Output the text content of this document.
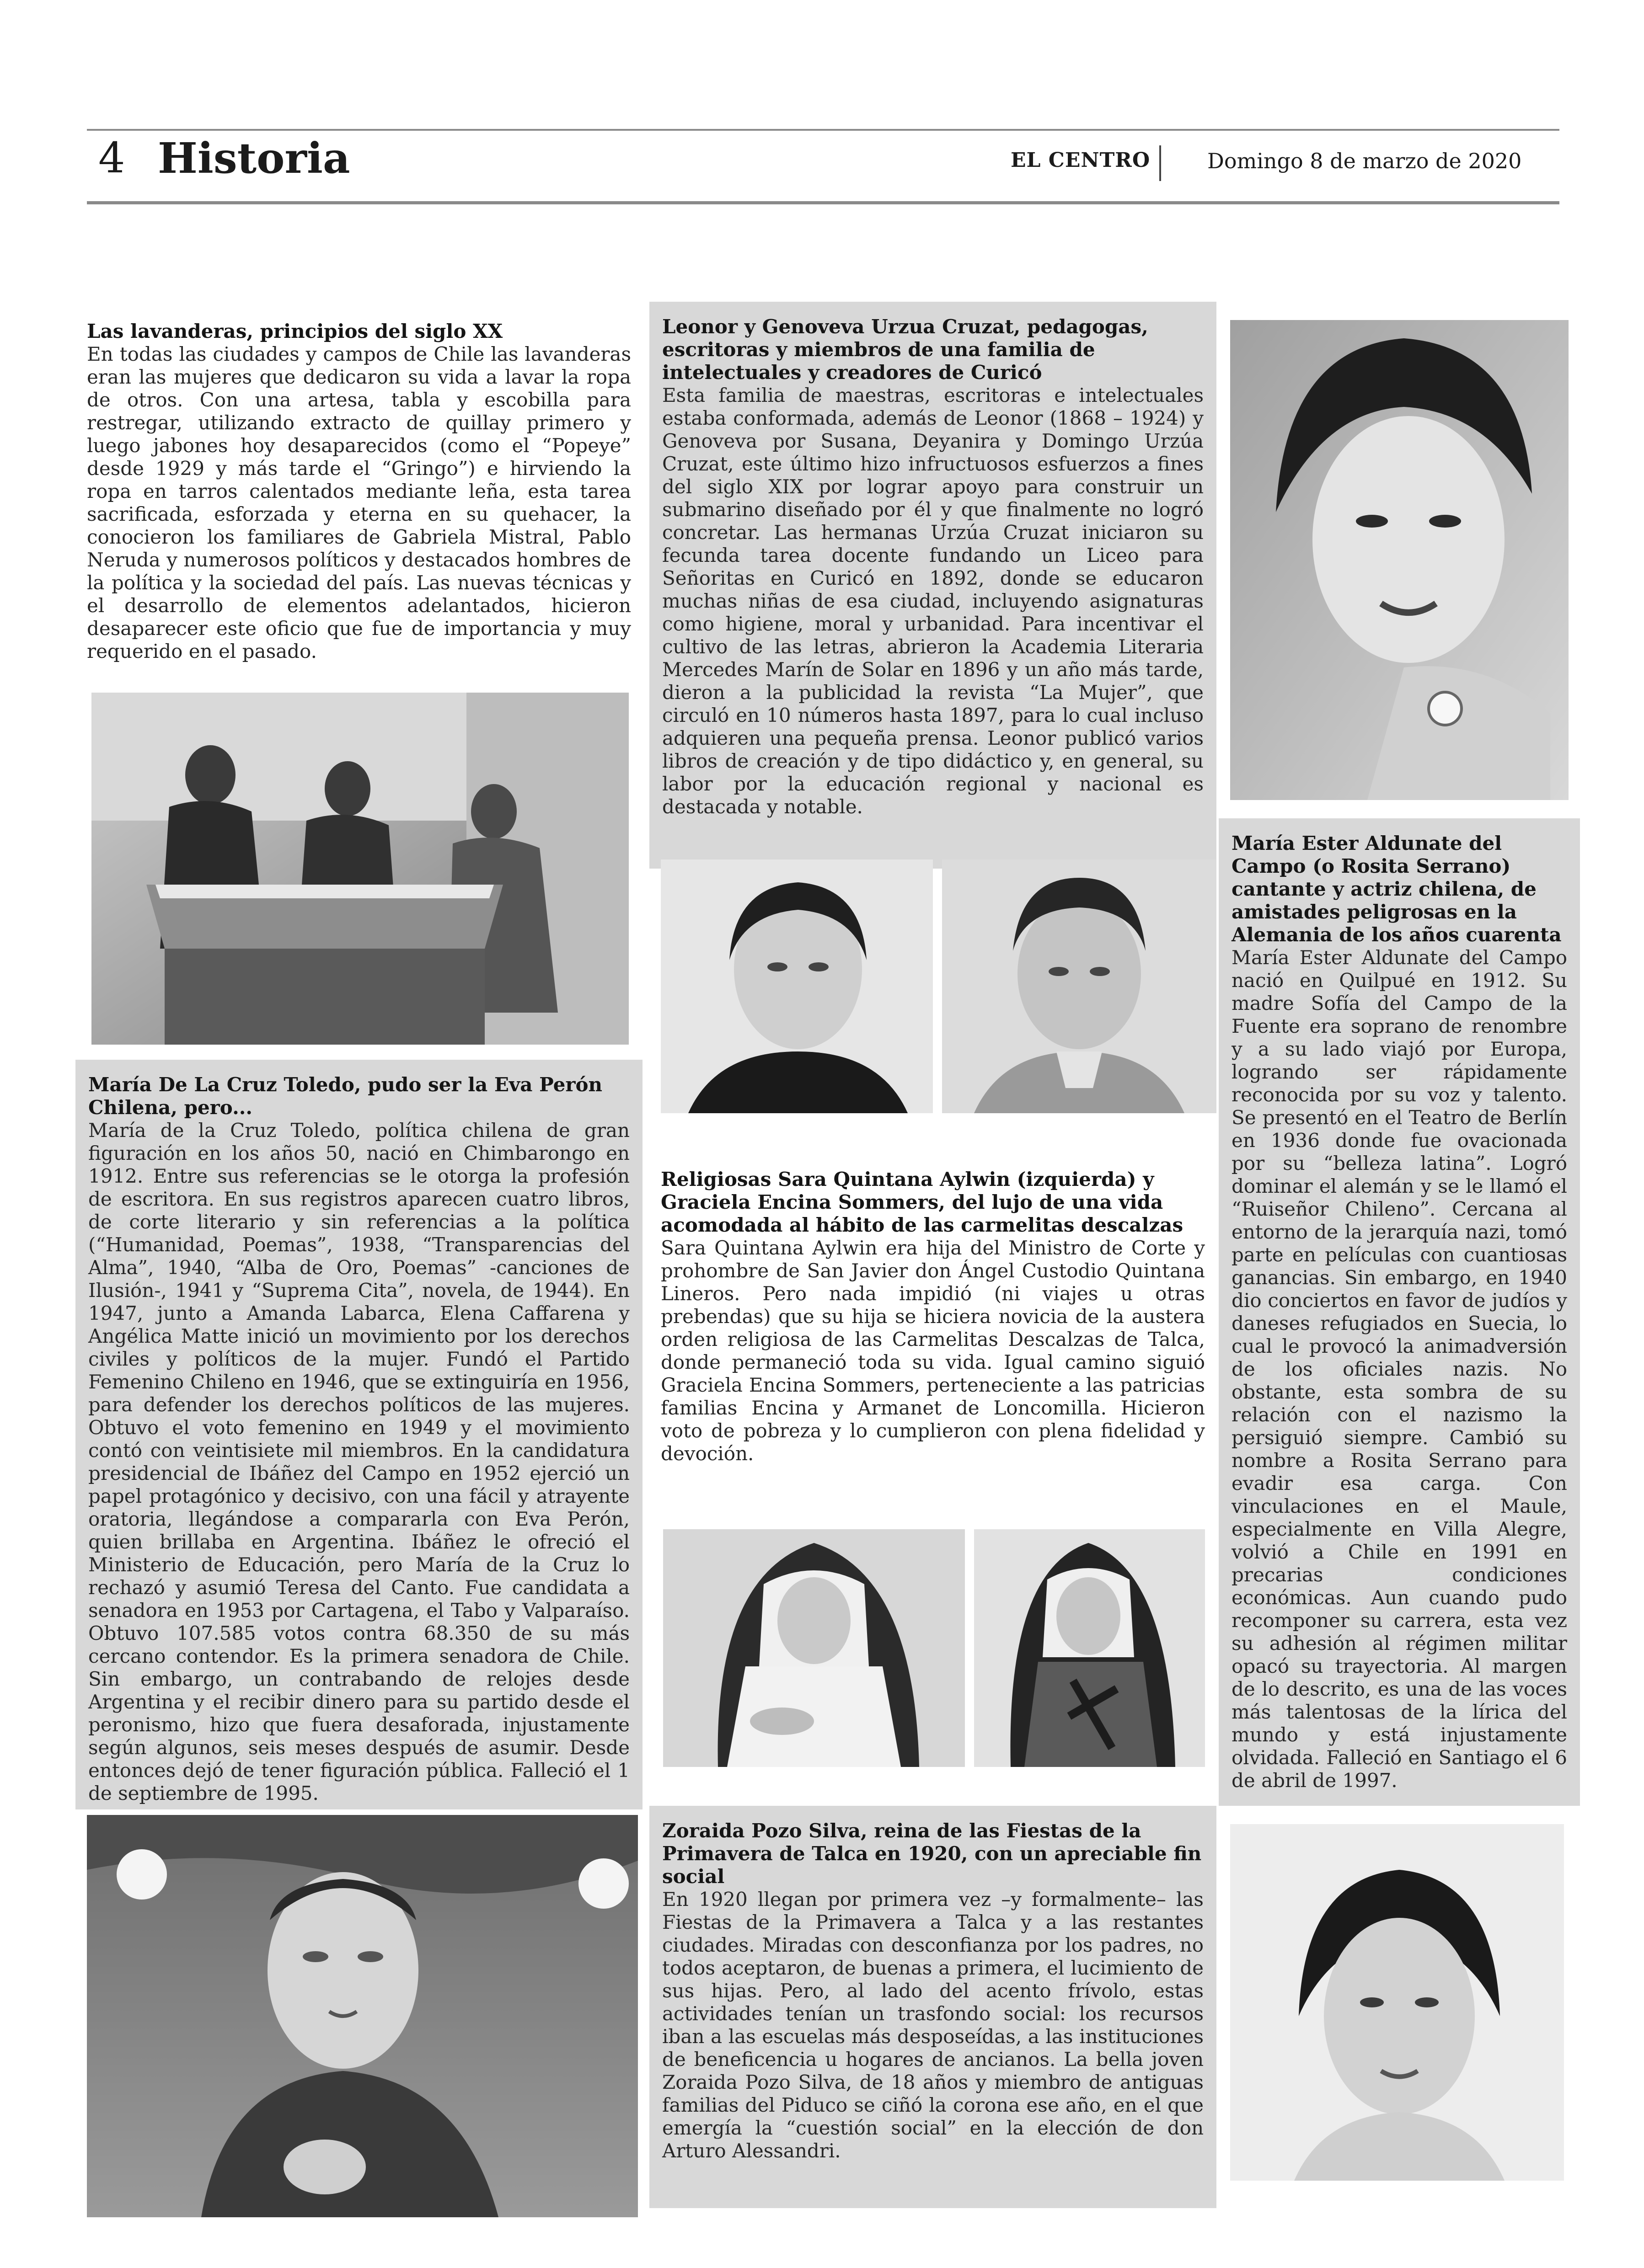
4 Historia	EL CENTRO	Domingo 8 de marzo de 2020
Las lavanderas, principios del siglo XX

En todas las ciudades y campos de Chile las lavanderas eran las mujeres que dedicaron su vida a lavar la ropa de otros. Con una artesa, tabla y escobilla para restregar, utilizando extracto de quillay primero y luego jabones hoy desaparecidos (como el “Popeye” desde 1929 y más tarde el “Gringo”) e hirviendo la ropa en tarros calentados mediante leña, esta tarea sacrificada, esforzada y eterna en su quehacer, la conocieron los familiares de Gabriela Mistral, Pablo Neruda y numerosos políticos y destacados hombres de la política y la sociedad del país. Las nuevas técnicas y el desarrollo de elementos adelantados, hicieron desaparecer este oficio que fue de importancia y muy requerido en el pasado.

María De La Cruz Toledo, pudo ser la Eva Perón Chilena, pero...

María de la Cruz Toledo, política chilena de gran figuración en los años 50, nació en Chimbarongo en 1912. Entre sus referencias se le otorga la profesión de escritora. En sus registros aparecen cuatro libros, de corte literario y sin referencias a la política (“Humanidad, Poemas”, 1938, “Transparencias del Alma”, 1940, “Alba de Oro, Poemas” -canciones de Ilusión-, 1941 y “Suprema Cita”, novela, de 1944). En 1947, junto a Amanda Labarca, Elena Caffarena y Angélica Matte inició un movimiento por los derechos civiles y políticos de la mujer. Fundó el Partido Femenino Chileno en 1946, que se extinguiría en 1956, para defender los derechos políticos de las mujeres. Obtuvo el voto femenino en 1949 y el movimiento contó con veintisiete mil miembros. En la candidatura presidencial de Ibáñez del Campo en 1952 ejerció un papel protagónico y decisivo, con una fácil y atrayente oratoria, llegándose a compararla con Eva Perón, quien brillaba en Argentina. Ibáñez le ofreció el Ministerio de Educación, pero María de la Cruz lo rechazó y asumió Teresa del Canto. Fue candidata a senadora en 1953 por Cartagena, el Tabo y Valparaíso. Obtuvo 107.585 votos contra 68.350 de su más cercano contendor. Es la primera senadora de Chile. Sin embargo, un contrabando de relojes desde Argentina y el recibir dinero para su partido desde el peronismo, hizo que fuera desaforada, injustamente según algunos, seis meses después de asumir. Desde entonces dejó de tener figuración pública. Falleció el 1 de septiembre de 1995.

Leonor y Genoveva Urzua Cruzat, pedagogas, escritoras y miembros de una familia de intelectuales y creadores de Curicó

Esta familia de maestras, escritoras e intelectuales estaba conformada, además de Leonor (1868 – 1924) y Genoveva por Susana, Deyanira y Domingo Urzúa Cruzat, este último hizo infructuosos esfuerzos a fines del siglo XIX por lograr apoyo para construir un submarino diseñado por él y que finalmente no logró concretar. Las hermanas Urzúa Cruzat iniciaron su fecunda tarea docente fundando un Liceo para Señoritas en Curicó en 1892, donde se educaron muchas niñas de esa ciudad, incluyendo asignaturas como higiene, moral y urbanidad. Para incentivar el cultivo de las letras, abrieron la Academia Literaria Mercedes Marín de Solar en 1896 y un año más tarde, dieron a la publicidad la revista “La Mujer”, que circuló en 10 números hasta 1897, para lo cual incluso adquieren una pequeña prensa. Leonor publicó varios libros de creación y de tipo didáctico y, en general, su labor por la educación regional y nacional es destacada y notable.

Religiosas Sara Quintana Aylwin (izquierda) y Graciela Encina Sommers, del lujo de una vida acomodada al hábito de las carmelitas descalzas

Sara Quintana Aylwin era hija del Ministro de Corte y prohombre de San Javier don Ángel Custodio Quintana Lineros. Pero nada impidió (ni viajes u otras prebendas) que su hija se hiciera novicia de la austera orden religiosa de las Carmelitas Descalzas de Talca, donde permaneció toda su vida. Igual camino siguió Graciela Encina Sommers, perteneciente a las patricias familias Encina y Armanet de Loncomilla. Hicieron voto de pobreza y lo cumplieron con plena fidelidad y devoción.

Zoraida Pozo Silva, reina de las Fiestas de la Primavera de Talca en 1920, con un apreciable fin social

En 1920 llegan por primera vez –y formalmente– las Fiestas de la Primavera a Talca y a las restantes ciudades. Miradas con desconfianza por los padres, no todos aceptaron, de buenas a primera, el lucimiento de sus hijas. Pero, al lado del acento frívolo, estas actividades tenían un trasfondo social: los recursos iban a las escuelas más desposeídas, a las instituciones de beneficencia u hogares de ancianos. La bella joven Zoraida Pozo Silva, de 18 años y miembro de antiguas familias del Piduco se ciñó la corona ese año, en el que emergía la “cuestión social” en la elección de don Arturo Alessandri.

María Ester Aldunate del Campo (o Rosita Serrano) cantante y actriz chilena, de amistades peligrosas en la Alemania de los años cuarenta

María Ester Aldunate del Campo nació en Quilpué en 1912. Su madre Sofía del Campo de la Fuente era soprano de renombre y a su lado viajó por Europa, logrando ser rápidamente reconocida por su voz y talento. Se presentó en el Teatro de Berlín en 1936 donde fue ovacionada por su “belleza latina”. Logró dominar el alemán y se le llamó el “Ruiseñor Chileno”. Cercana al entorno de la jerarquía nazi, tomó parte en películas con cuantiosas ganancias. Sin embargo, en 1940 dio conciertos en favor de judíos y daneses refugiados en Suecia, lo cual le provocó la animadversión de los oficiales nazis. No obstante, esta sombra de su relación con el nazismo la persiguió siempre. Cambió su nombre a Rosita Serrano para evadir esa carga. Con vinculaciones en el Maule, especialmente en Villa Alegre, volvió a Chile en 1991 en precarias condiciones económicas. Aun cuando pudo recomponer su carrera, esta vez su adhesión al régimen militar opacó su trayectoria. Al margen de lo descrito, es una de las voces más talentosas de la lírica del mundo y está injustamente olvidada. Falleció en Santiago el 6 de abril de 1997.
